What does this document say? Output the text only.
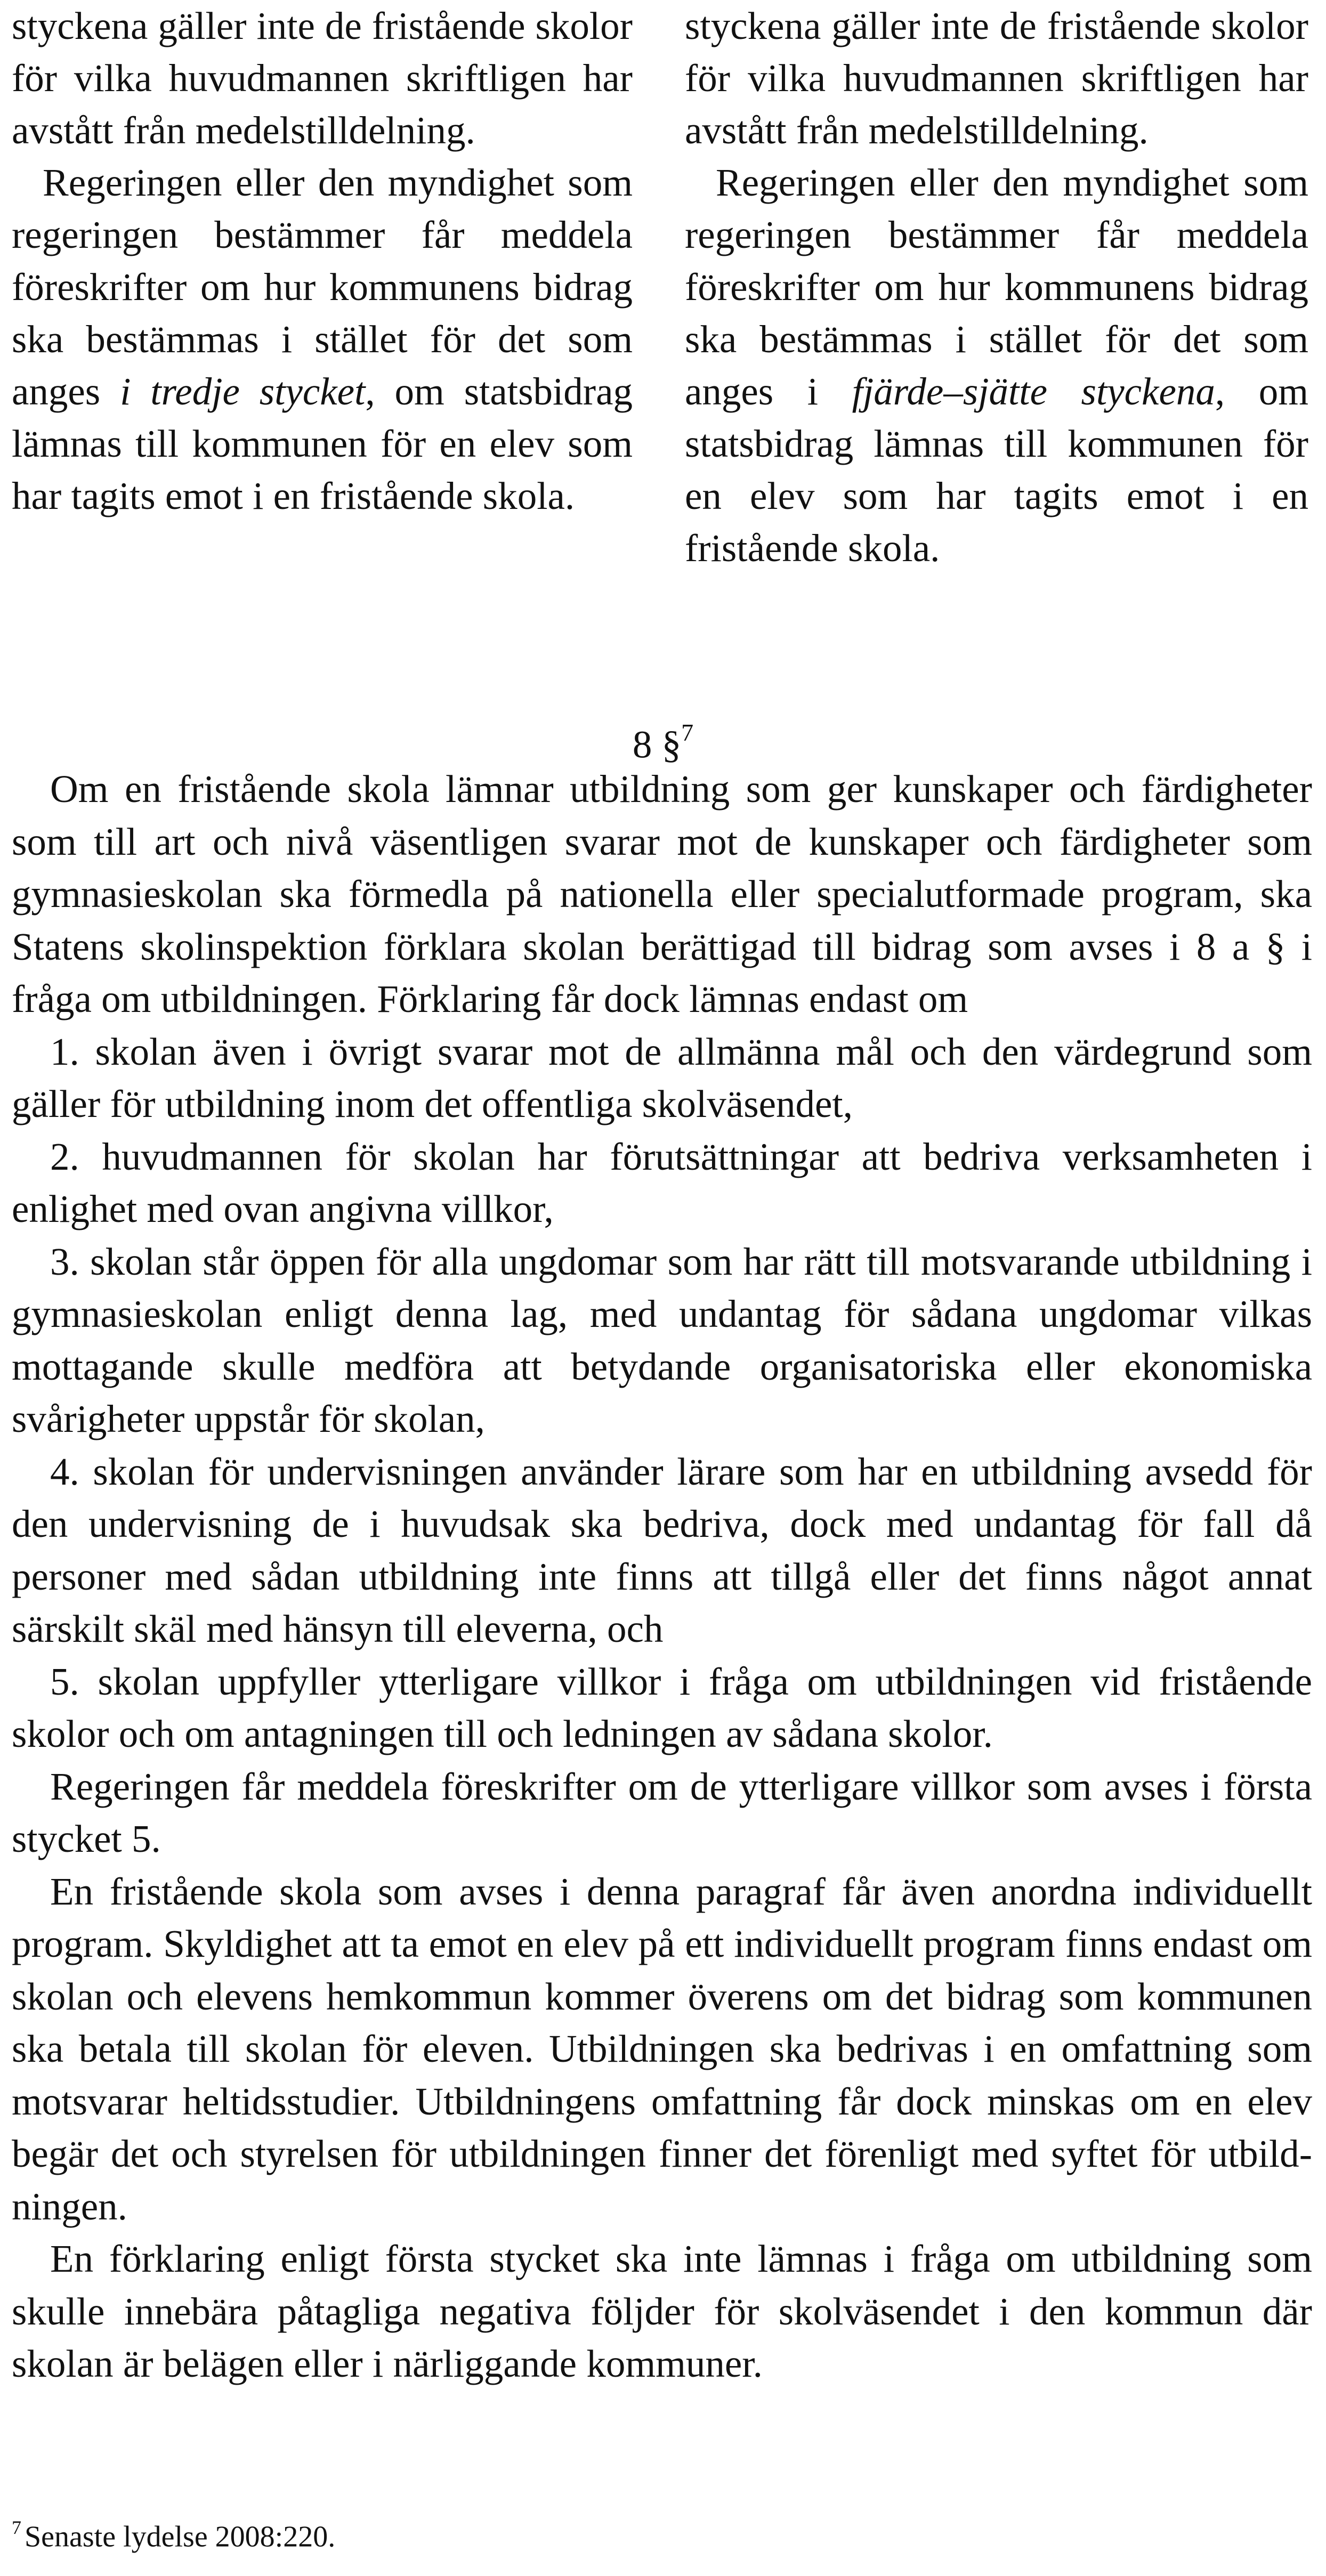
styckena gäller inte de fristående skolor för vilka huvudmannen skriftligen har avstått från medelstilldelning.

Regeringen eller den myndighet som regeringen bestämmer får meddela föreskrifter om hur kommunens bidrag ska bestämmas i stället för det som anges i tredje stycket, om statsbidrag lämnas till kommunen för en elev som har tagits emot i en fristående skola.

styckena gäller inte de fristående skolor för vilka huvudmannen skriftligen har avstått från medelstilldelning.

Regeringen eller den myndighet som regeringen bestämmer får meddela föreskrifter om hur kommunens bidrag ska bestämmas i stället för det som anges i fjärde–sjätte styckena, om statsbidrag lämnas till kommunen för en elev som har tagits emot i en fristående skola.

8 §$^7$

Om en fristående skola lämnar utbildning som ger kunskaper och färdigheter som till art och nivå väsentligen svarar mot de kunskaper och färdigheter som gymnasieskolan ska förmedla på nationella eller specialutformade program, ska Statens skolinspektion förklara skolan berättigad till bidrag som avses i 8 a § i fråga om utbildningen. Förklaring får dock lämnas endast om

1. skolan även i övrigt svarar mot de allmänna mål och den värdegrund som gäller för utbildning inom det offentliga skolväsendet,

2. huvudmannen för skolan har förutsättningar att bedriva verksamheten i enlighet med ovan angivna villkor,

3. skolan står öppen för alla ungdomar som har rätt till motsvarande utbildning i gymnasieskolan enligt denna lag, med undantag för sådana ungdomar vilkas mottagande skulle medföra att betydande organisatoriska eller ekonomiska svårigheter uppstår för skolan,

4. skolan för undervisningen använder lärare som har en utbildning avsedd för den undervisning de i huvudsak ska bedriva, dock med undantag för fall då personer med sådan utbildning inte finns att tillgå eller det finns något annat särskilt skäl med hänsyn till eleverna, och

5. skolan uppfyller ytterligare villkor i fråga om utbildningen vid fristående skolor och om antagningen till och ledningen av sådana skolor.

Regeringen får meddela föreskrifter om de ytterligare villkor som avses i första stycket 5.

En fristående skola som avses i denna paragraf får även anordna individuellt program. Skyldighet att ta emot en elev på ett individuellt program finns endast om skolan och elevens hemkommun kommer överens om det bidrag som kommunen ska betala till skolan för eleven. Utbildningen ska bedrivas i en omfattning som motsvarar heltidsstudier. Utbildningens omfattning får dock minskas om en elev begär det och styrelsen för utbildningen finner det förenligt med syftet för utbildningen.

En förklaring enligt första stycket ska inte lämnas i fråga om utbildning som skulle innebära påtagliga negativa följder för skolväsendet i den kommun där skolan är belägen eller i närliggande kommuner.

$^7$ Senaste lydelse 2008:220.
